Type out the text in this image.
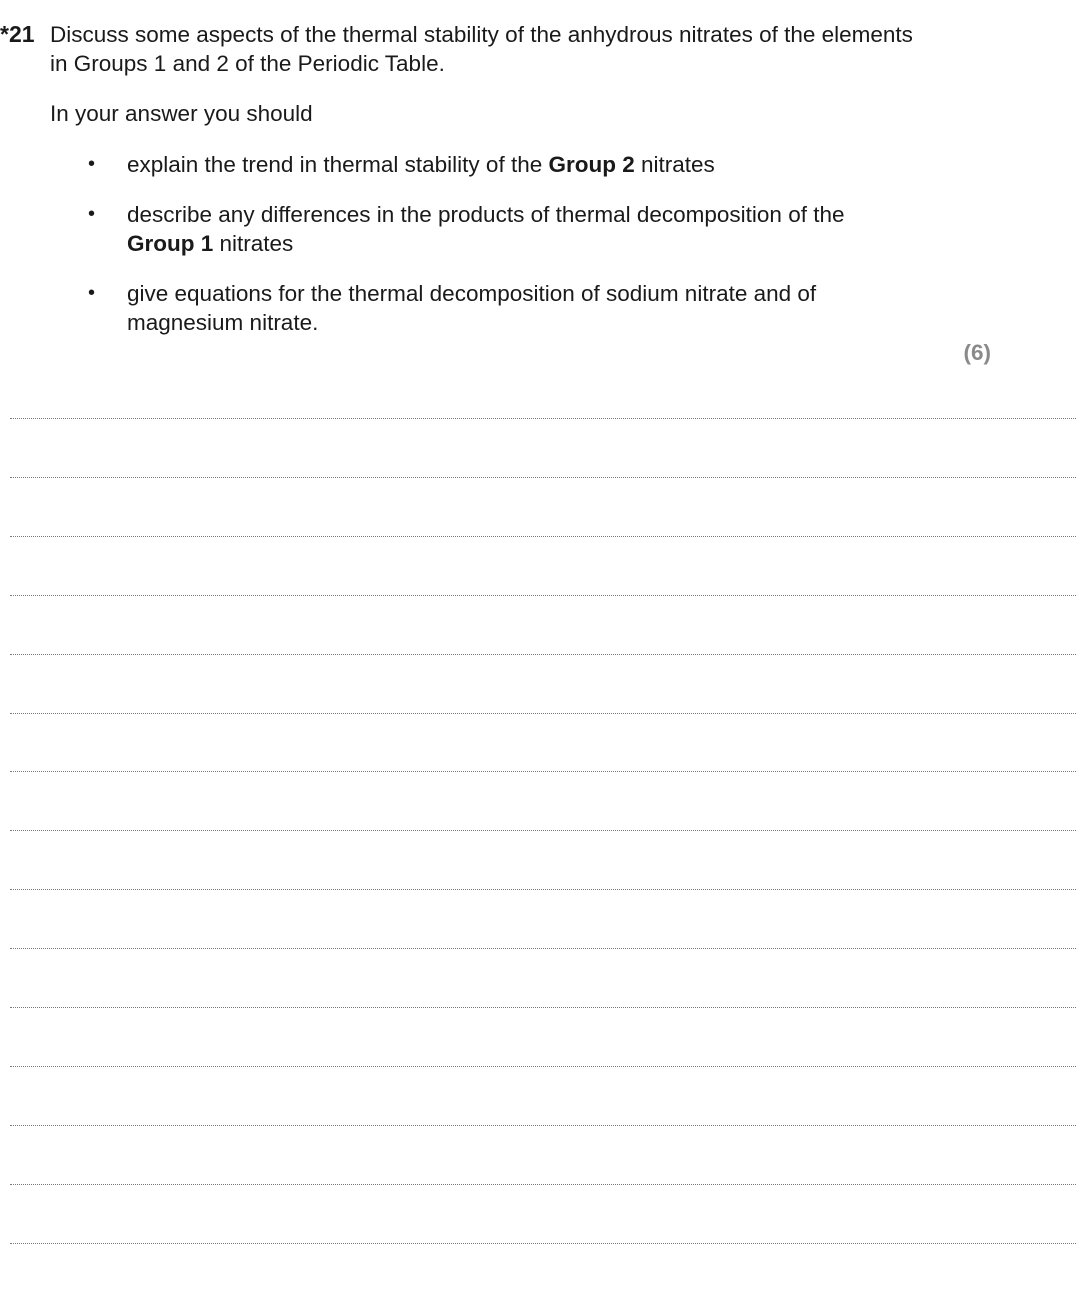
*21 Discuss some aspects of the thermal stability of the anhydrous nitrates of the elements in Groups 1 and 2 of the Periodic Table.
In your answer you should
• explain the trend in thermal stability of the Group 2 nitrates
• describe any differences in the products of thermal decomposition of the Group 1 nitrates
• give equations for the thermal decomposition of sodium nitrate and of magnesium nitrate.
(6)
